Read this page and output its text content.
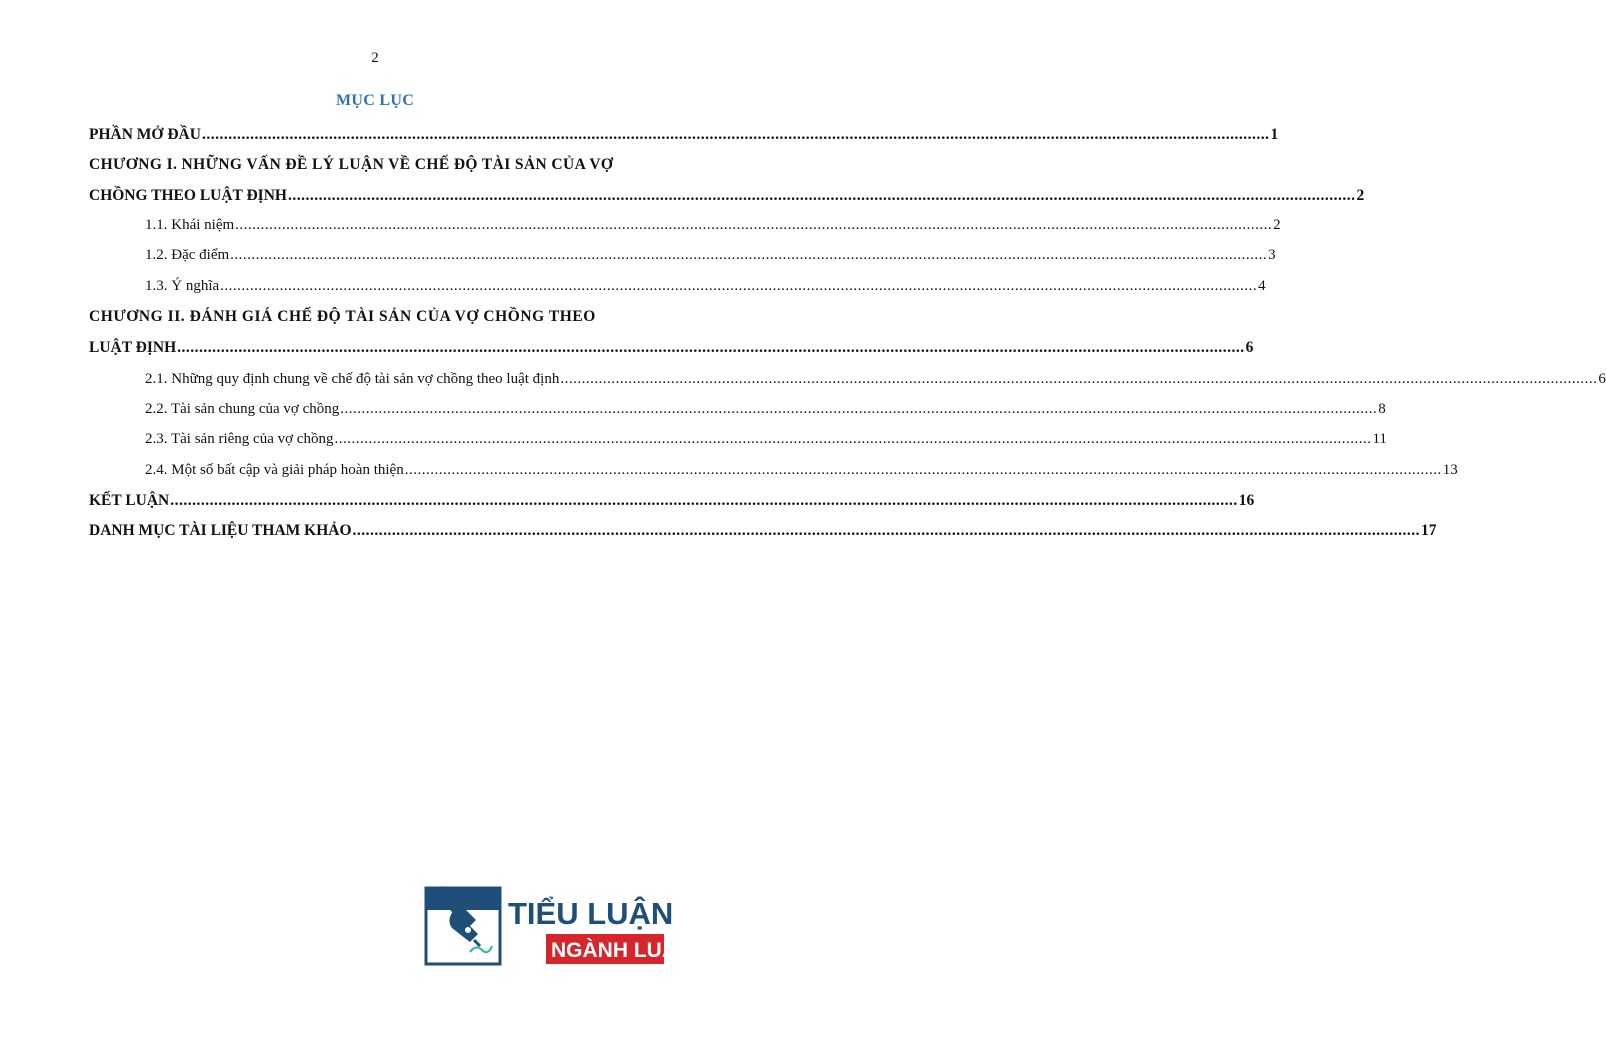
2
MỤC LỤC
PHẦN MỞ ĐẦU .....	1
CHƯƠNG I. NHỮNG VẤN ĐỀ LÝ LUẬN VỀ CHẾ ĐỘ TÀI SẢN CỦA VỢ
CHỒNG THEO LUẬT ĐỊNH .....	2
1.1. Khái niệm .....	2
1.2. Đặc điểm .....	3
1.3. Ý nghĩa .....	4
CHƯƠNG II. ĐÁNH GIÁ CHẾ ĐỘ TÀI SẢN CỦA VỢ CHỒNG THEO
LUẬT ĐỊNH .....	6
2.1. Những quy định chung về chế độ tài sản vợ chồng theo luật định .....	6
2.2. Tài sản chung của vợ chồng .....	8
2.3. Tài sản riêng của vợ chồng .....	11
2.4. Một số bất cập và giải pháp hoàn thiện .....	13
KẾT LUẬN .....	16
DANH MỤC TÀI LIỆU THAM KHẢO .....	17
TIỂU LUẬN
NGÀNH LUẬT
